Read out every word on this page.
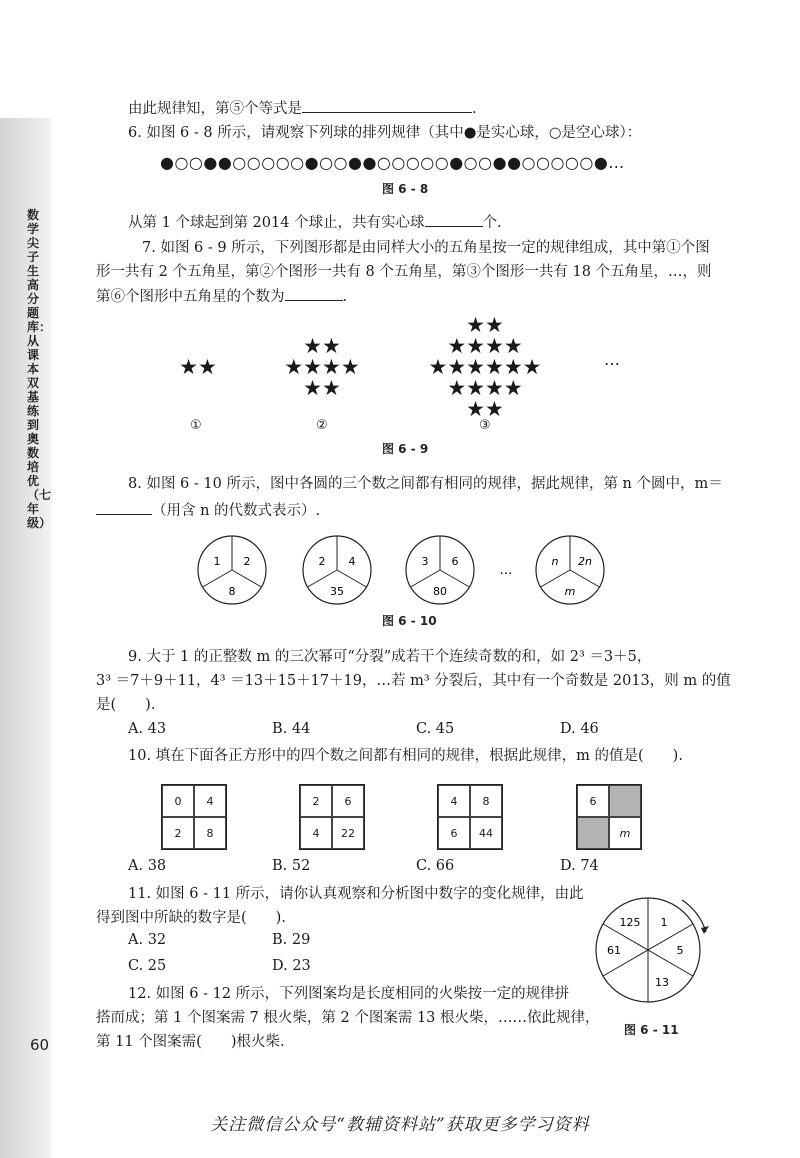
数学尖子生高分题库：从课本双基练到奥数培优（七年级）
60
由此规律知，第⑤个等式是	.
6. 如图 6 - 8 所示，请观察下列球的排列规律（其中●是实心球，○是空心球）：
●○○●●○○○○○●○○●●○○○○○●○○●●○○○○○●…
图 6 - 8
从第 1 个球起到第 2014 个球止，共有实心球	个.
7. 如图 6 - 9 所示，下列图形都是由同样大小的五角星按一定的规律组成，其中第①个图
形一共有 2 个五角星，第②个图形一共有 8 个五角星，第③个图形一共有 18 个五角星，…，则
第⑥个图形中五角星的个数为	.
★★
★★
★★★★
★★
★★
★★★★
★★★★★★
★★★★
★★
…
①	②	③
图 6 - 9
8. 如图 6 - 10 所示，图中各圆的三个数之间都有相同的规律，据此规律，第 n 个圆中，m＝
（用含 n 的代数式表示）.
1 2
8
2 4
35
3 6
80
…
n 2n
m
图 6 - 10
9. 大于 1 的正整数 m 的三次幂可“分裂”成若干个连续奇数的和，如 2³ ＝3＋5，
3³ ＝7＋9＋11，4³ ＝13＋15＋17＋19，…若 m³ 分裂后，其中有一个奇数是 2013，则 m 的值
是(　　).
A. 43	B. 44	C. 45	D. 46
10. 填在下面各正方形中的四个数之间都有相同的规律，根据此规律，m 的值是(　　).
0	4
2	8
2	6
4	22
4	8
6	44
6
m
A. 38	B. 52	C. 66	D. 74
11. 如图 6 - 11 所示，请你认真观察和分析图中数字的变化规律，由此
得到图中所缺的数字是(　　).
A. 32	B. 29
C. 25	D. 23
125 1
5
13
61
图 6 - 11
12. 如图 6 - 12 所示，下列图案均是长度相同的火柴按一定的规律拼
搭而成；第 1 个图案需 7 根火柴，第 2 个图案需 13 根火柴，……依此规律，
第 11 个图案需(　　)根火柴.
关注微信公众号“教辅资料站”获取更多学习资料
